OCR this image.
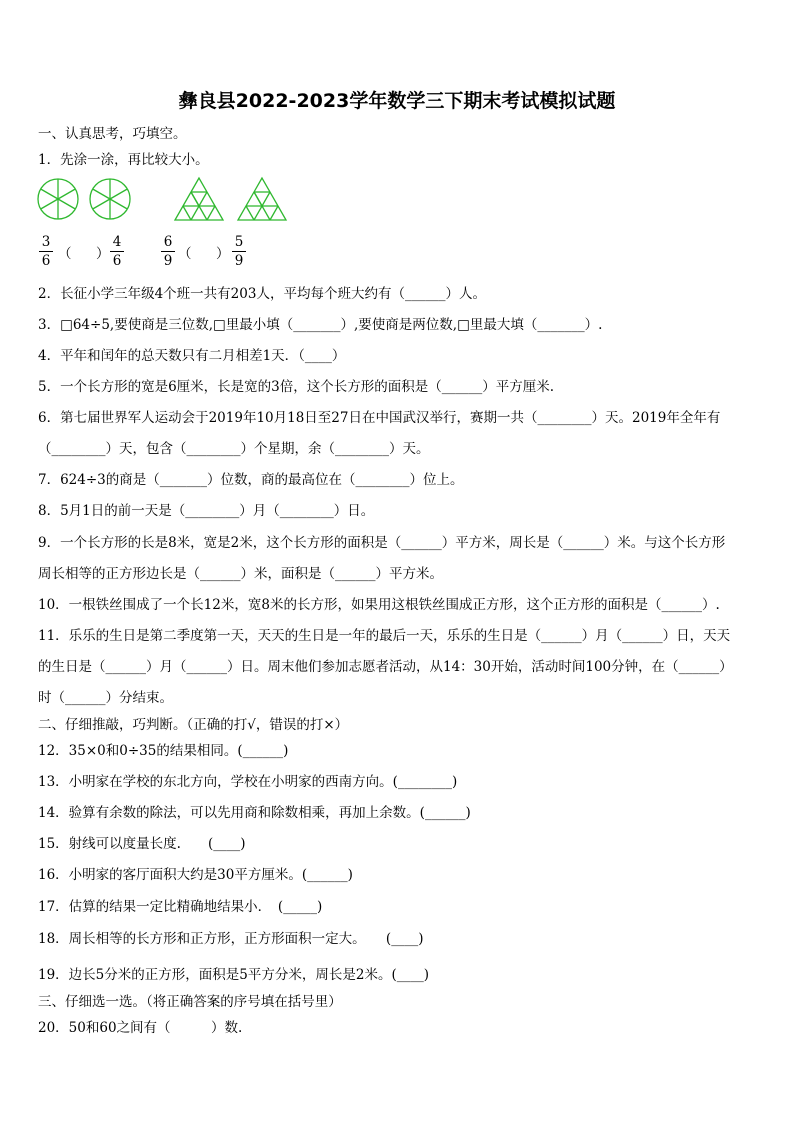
彝良县2022-2023学年数学三下期末考试模拟试题
一、认真思考，巧填空。
1．先涂一涂，再比较大小。
3
6 （ ）
4
6
6
9 （ ）
5
9
2．长征小学三年级4个班一共有203人，平均每个班大约有（______）人。
3．□64÷5,要使商是三位数,□里最小填（_______）,要使商是两位数,□里最大填（_______）.
4．平年和闰年的总天数只有二月相差1天．（____）
5．一个长方形的宽是6厘米，长是宽的3倍，这个长方形的面积是（______）平方厘米.
6．第七届世界军人运动会于2019年10月18日至27日在中国武汉举行，赛期一共（________）天。2019年全年有
（________）天，包含（________）个星期，余（________）天。
7．624÷3的商是（_______）位数，商的最高位在（________）位上。
8．5月1日的前一天是（________）月（________）日。
9．一个长方形的长是8米，宽是2米，这个长方形的面积是（______）平方米，周长是（______）米。与这个长方形
周长相等的正方形边长是（______）米，面积是（______）平方米。
10．一根铁丝围成了一个长12米，宽8米的长方形，如果用这根铁丝围成正方形，这个正方形的面积是（______）.
11．乐乐的生日是第二季度第一天，天天的生日是一年的最后一天，乐乐的生日是（______）月（______）日，天天
的生日是（______）月（______）日。周末他们参加志愿者活动，从14：30开始，活动时间100分钟，在（______）
时（______）分结束。
二、仔细推敲，巧判断。（正确的打√，错误的打×）
12．35×0和0÷35的结果相同。(______)
13．小明家在学校的东北方向，学校在小明家的西南方向。(________)
14．验算有余数的除法，可以先用商和除数相乘，再加上余数。(______)
15．射线可以度量长度.　　(____)
16．小明家的客厅面积大约是30平方厘米。(______)
17．估算的结果一定比精确地结果小．　(_____)
18．周长相等的长方形和正方形，正方形面积一定大。　　(____)
19．边长5分米的正方形，面积是5平方分米，周长是2米。(____)
三、仔细选一选。（将正确答案的序号填在括号里）
20．50和60之间有（　　　）数.
